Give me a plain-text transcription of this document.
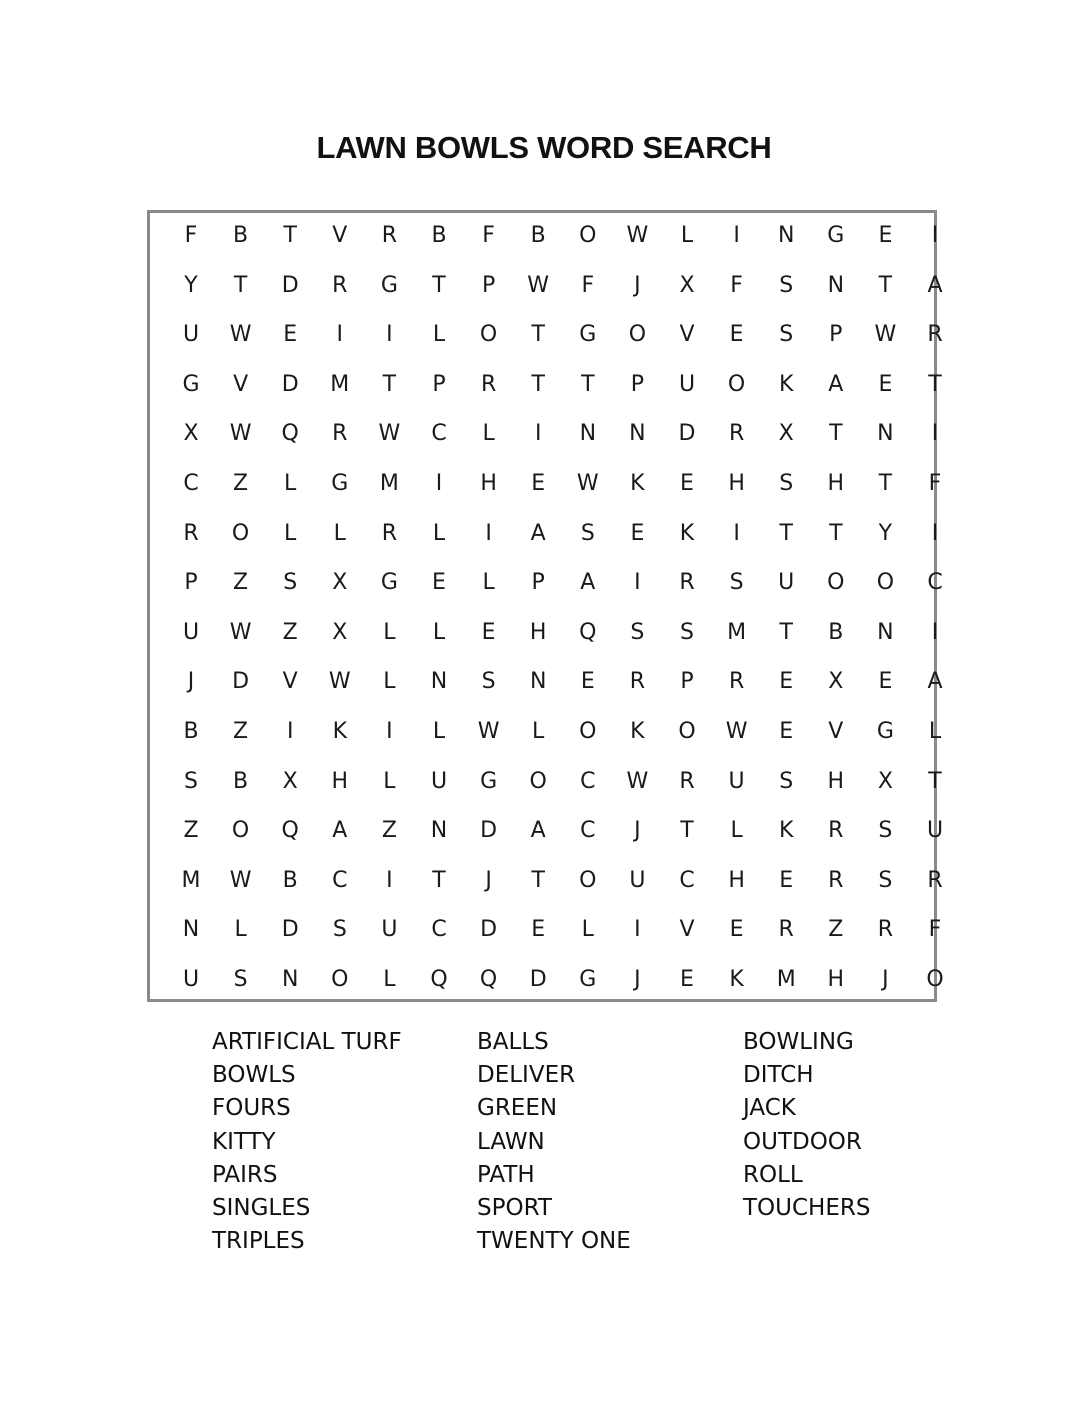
LAWN BOWLS WORD SEARCH
F	B	T	V	R	B	F	B	O	W	L	I	N	G	E	I
Y	T	D	R	G	T	P	W	F	J	X	F	S	N	T	A
U	W	E	I	I	L	O	T	G	O	V	E	S	P	W	R
G	V	D	M	T	P	R	T	T	P	U	O	K	A	E	T
X	W	Q	R	W	C	L	I	N	N	D	R	X	T	N	I
C	Z	L	G	M	I	H	E	W	K	E	H	S	H	T	F
R	O	L	L	R	L	I	A	S	E	K	I	T	T	Y	I
P	Z	S	X	G	E	L	P	A	I	R	S	U	O	O	C
U	W	Z	X	L	L	E	H	Q	S	S	M	T	B	N	I
J	D	V	W	L	N	S	N	E	R	P	R	E	X	E	A
B	Z	I	K	I	L	W	L	O	K	O	W	E	V	G	L
S	B	X	H	L	U	G	O	C	W	R	U	S	H	X	T
Z	O	Q	A	Z	N	D	A	C	J	T	L	K	R	S	U
M	W	B	C	I	T	J	T	O	U	C	H	E	R	S	R
N	L	D	S	U	C	D	E	L	I	V	E	R	Z	R	F
U	S	N	O	L	Q	Q	D	G	J	E	K	M	H	J	O
ARTIFICIAL TURF
BOWLS
FOURS
KITTY
PAIRS
SINGLES
TRIPLES
BALLS
DELIVER
GREEN
LAWN
PATH
SPORT
TWENTY ONE
BOWLING
DITCH
JACK
OUTDOOR
ROLL
TOUCHERS
